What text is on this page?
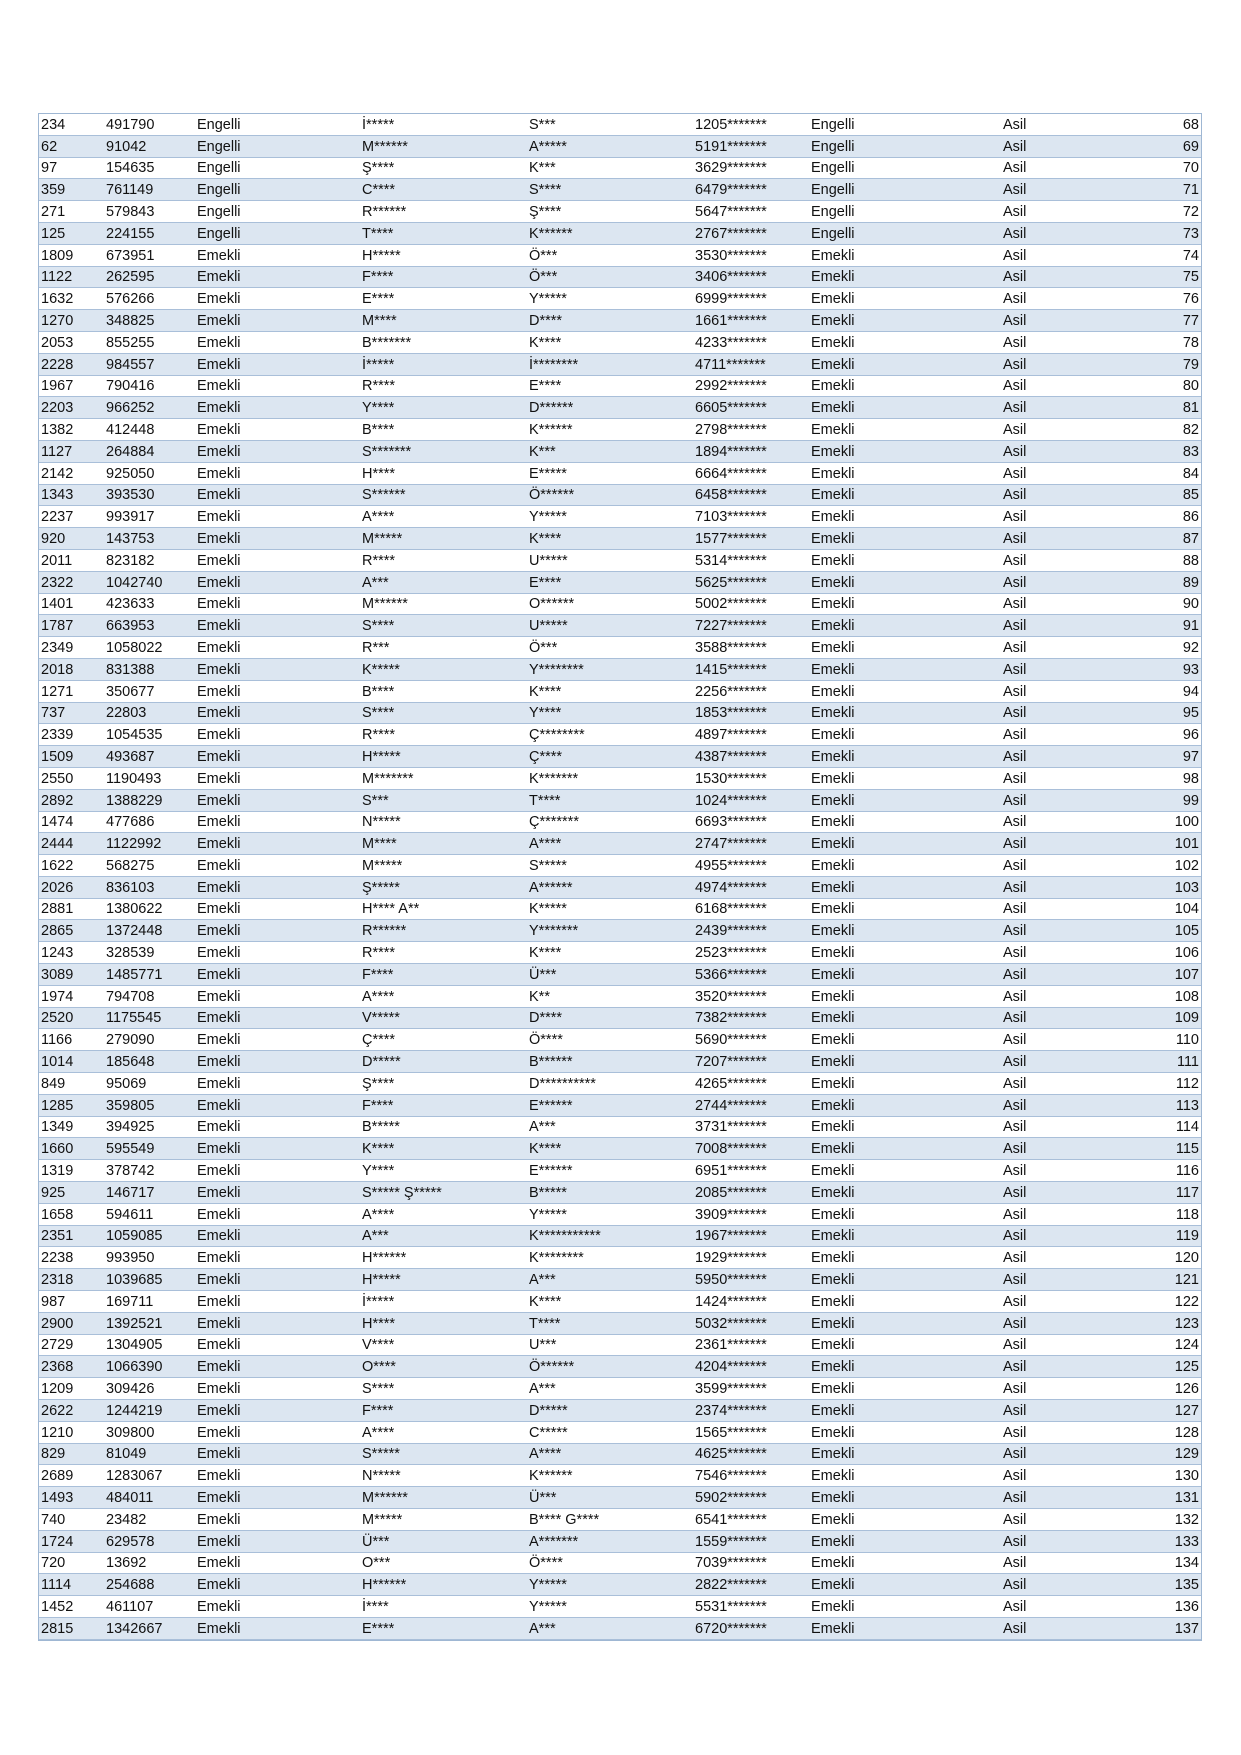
234	491790	Engelli	İ*****	S***	1205*******	Engelli	Asil	68
62	91042	Engelli	M******	A*****	5191*******	Engelli	Asil	69
97	154635	Engelli	Ş****	K***	3629*******	Engelli	Asil	70
359	761149	Engelli	C****	S****	6479*******	Engelli	Asil	71
271	579843	Engelli	R******	Ş****	5647*******	Engelli	Asil	72
125	224155	Engelli	T****	K******	2767*******	Engelli	Asil	73
1809	673951	Emekli	H*****	Ö***	3530*******	Emekli	Asil	74
1122	262595	Emekli	F****	Ö***	3406*******	Emekli	Asil	75
1632	576266	Emekli	E****	Y*****	6999*******	Emekli	Asil	76
1270	348825	Emekli	M****	D****	1661*******	Emekli	Asil	77
2053	855255	Emekli	B*******	K****	4233*******	Emekli	Asil	78
2228	984557	Emekli	İ*****	İ********	4711*******	Emekli	Asil	79
1967	790416	Emekli	R****	E****	2992*******	Emekli	Asil	80
2203	966252	Emekli	Y****	D******	6605*******	Emekli	Asil	81
1382	412448	Emekli	B****	K******	2798*******	Emekli	Asil	82
1127	264884	Emekli	S*******	K***	1894*******	Emekli	Asil	83
2142	925050	Emekli	H****	E*****	6664*******	Emekli	Asil	84
1343	393530	Emekli	S******	Ö******	6458*******	Emekli	Asil	85
2237	993917	Emekli	A****	Y*****	7103*******	Emekli	Asil	86
920	143753	Emekli	M*****	K****	1577*******	Emekli	Asil	87
2011	823182	Emekli	R****	U*****	5314*******	Emekli	Asil	88
2322	1042740	Emekli	A***	E****	5625*******	Emekli	Asil	89
1401	423633	Emekli	M******	O******	5002*******	Emekli	Asil	90
1787	663953	Emekli	S****	U*****	7227*******	Emekli	Asil	91
2349	1058022	Emekli	R***	Ö***	3588*******	Emekli	Asil	92
2018	831388	Emekli	K*****	Y********	1415*******	Emekli	Asil	93
1271	350677	Emekli	B****	K****	2256*******	Emekli	Asil	94
737	22803	Emekli	S****	Y****	1853*******	Emekli	Asil	95
2339	1054535	Emekli	R****	Ç********	4897*******	Emekli	Asil	96
1509	493687	Emekli	H*****	Ç****	4387*******	Emekli	Asil	97
2550	1190493	Emekli	M*******	K*******	1530*******	Emekli	Asil	98
2892	1388229	Emekli	S***	T****	1024*******	Emekli	Asil	99
1474	477686	Emekli	N*****	Ç*******	6693*******	Emekli	Asil	100
2444	1122992	Emekli	M****	A****	2747*******	Emekli	Asil	101
1622	568275	Emekli	M*****	S*****	4955*******	Emekli	Asil	102
2026	836103	Emekli	Ş*****	A******	4974*******	Emekli	Asil	103
2881	1380622	Emekli	H**** A**	K*****	6168*******	Emekli	Asil	104
2865	1372448	Emekli	R******	Y*******	2439*******	Emekli	Asil	105
1243	328539	Emekli	R****	K****	2523*******	Emekli	Asil	106
3089	1485771	Emekli	F****	Ü***	5366*******	Emekli	Asil	107
1974	794708	Emekli	A****	K**	3520*******	Emekli	Asil	108
2520	1175545	Emekli	V*****	D****	7382*******	Emekli	Asil	109
1166	279090	Emekli	Ç****	Ö****	5690*******	Emekli	Asil	110
1014	185648	Emekli	D*****	B******	7207*******	Emekli	Asil	111
849	95069	Emekli	Ş****	D**********	4265*******	Emekli	Asil	112
1285	359805	Emekli	F****	E******	2744*******	Emekli	Asil	113
1349	394925	Emekli	B*****	A***	3731*******	Emekli	Asil	114
1660	595549	Emekli	K****	K****	7008*******	Emekli	Asil	115
1319	378742	Emekli	Y****	E******	6951*******	Emekli	Asil	116
925	146717	Emekli	S***** Ş*****	B*****	2085*******	Emekli	Asil	117
1658	594611	Emekli	A****	Y*****	3909*******	Emekli	Asil	118
2351	1059085	Emekli	A***	K***********	1967*******	Emekli	Asil	119
2238	993950	Emekli	H******	K********	1929*******	Emekli	Asil	120
2318	1039685	Emekli	H*****	A***	5950*******	Emekli	Asil	121
987	169711	Emekli	İ*****	K****	1424*******	Emekli	Asil	122
2900	1392521	Emekli	H****	T****	5032*******	Emekli	Asil	123
2729	1304905	Emekli	V****	U***	2361*******	Emekli	Asil	124
2368	1066390	Emekli	O****	Ö******	4204*******	Emekli	Asil	125
1209	309426	Emekli	S****	A***	3599*******	Emekli	Asil	126
2622	1244219	Emekli	F****	D*****	2374*******	Emekli	Asil	127
1210	309800	Emekli	A****	C*****	1565*******	Emekli	Asil	128
829	81049	Emekli	S*****	A****	4625*******	Emekli	Asil	129
2689	1283067	Emekli	N*****	K******	7546*******	Emekli	Asil	130
1493	484011	Emekli	M******	Ü***	5902*******	Emekli	Asil	131
740	23482	Emekli	M*****	B**** G****	6541*******	Emekli	Asil	132
1724	629578	Emekli	Ü***	A*******	1559*******	Emekli	Asil	133
720	13692	Emekli	O***	Ö****	7039*******	Emekli	Asil	134
1114	254688	Emekli	H******	Y*****	2822*******	Emekli	Asil	135
1452	461107	Emekli	İ****	Y*****	5531*******	Emekli	Asil	136
2815	1342667	Emekli	E****	A***	6720*******	Emekli	Asil	137
